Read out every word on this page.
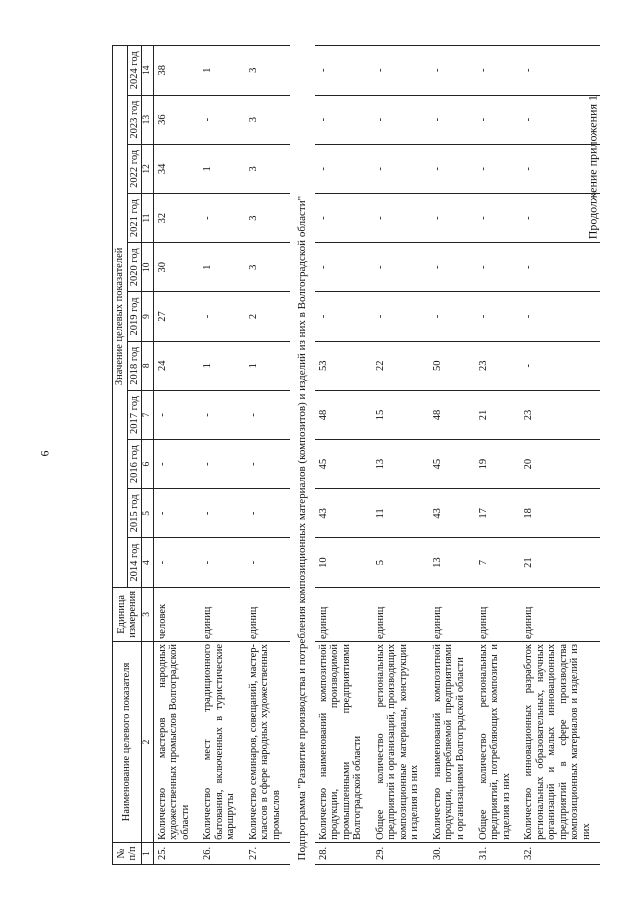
6
Продолжение приложения 1
№ п/п	Наименование целевого показателя	Единица измерения	Значение целевых показателей										
			2014 год	2015 год	2016 год	2017 год	2018 год	2019 год	2020 год	2021 год	2022 год	2023 год	2024 год
1	2	3	4	5	6	7	8	9	10	11	12	13	14
25.	Количество мастеров народных художественных промыслов Волгоградской области	человек	-	-	-	-	24	27	30	32	34	36	38
26.	Количество мест традиционного бытования, включенных в туристические маршруты	единиц	-	-	-	-	1	-	1	-	1	-	1
27.	Количество семинаров, совещаний, мастер-классов в сфере народных художественных промыслов	единиц	-	-	-	-	1	2	3	3	3	3	3
Подпрограмма "Развитие производства и потребления композиционных материалов (композитов) и изделий из них в Волгоградской области"													
28.	Количество наименований композитной продукции, производимой промышленными предприятиями Волгоградской области	единиц	10	43	45	48	53	-	-	-	-	-	-
29.	Общее количество региональных предприятий и организаций, производящих композиционные материалы, конструкции и изделия из них	единиц	5	11	13	15	22	-	-	-	-	-	-
30.	Количество наименований композитной продукции, потребляемой предприятиями и организациями Волгоградской области	единиц	13	43	45	48	50	-	-	-	-	-	-
31.	Общее количество региональных предприятий, потребляющих композиты и изделия из них	единиц	7	17	19	21	23	-	-	-	-	-	-
32.	Количество инновационных разработок региональных образовательных, научных организаций и малых инновационных предприятий в сфере производства композиционных материалов и изделий из них	единиц	21	18	20	23	-	-	-	-	-	-	-
